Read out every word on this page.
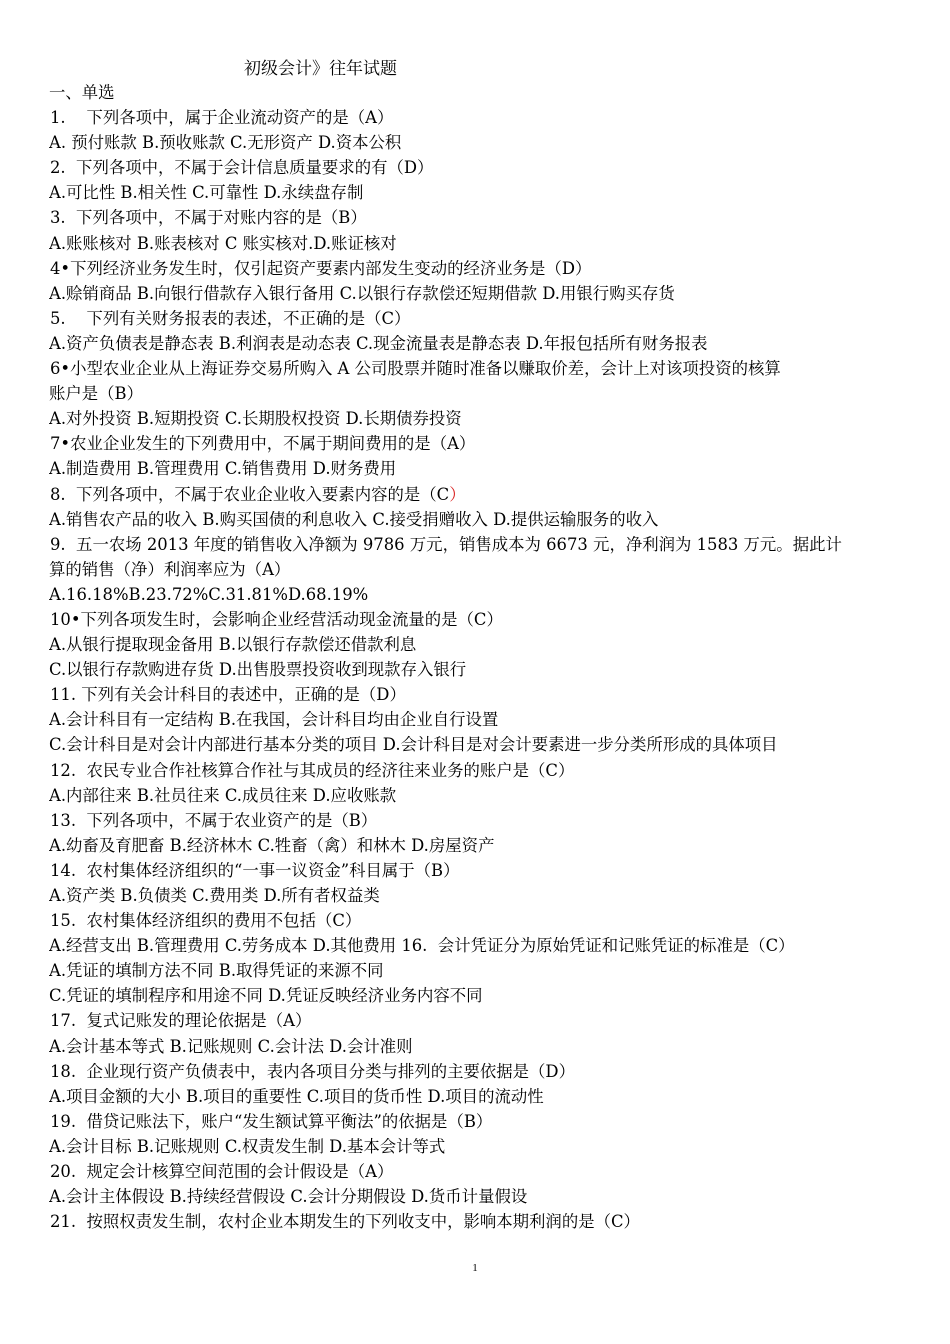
初级会计》往年试题
一、单选
1.    下列各项中，属于企业流动资产的是（A）
A. 预付账款 B.预收账款 C.无形资产 D.资本公积
2.  下列各项中，不属于会计信息质量要求的有（D）
A.可比性 B.相关性 C.可靠性 D.永续盘存制
3.  下列各项中，不属于对账内容的是（B）
A.账账核对 B.账表核对 C 账实核对.D.账证核对
4•下列经济业务发生时，仅引起资产要素内部发生变动的经济业务是（D）
A.赊销商品 B.向银行借款存入银行备用 C.以银行存款偿还短期借款 D.用银行购买存货
5.    下列有关财务报表的表述，不正确的是（C）
A.资产负债表是静态表 B.利润表是动态表 C.现金流量表是静态表 D.年报包括所有财务报表
6•小型农业企业从上海证券交易所购入 A 公司股票并随时准备以赚取价差，会计上对该项投资的核算
账户是（B）
A.对外投资 B.短期投资 C.长期股权投资 D.长期债券投资
7•农业企业发生的下列费用中，不属于期间费用的是（A）
A.制造费用 B.管理费用 C.销售费用 D.财务费用
8.  下列各项中，不属于农业企业收入要素内容的是（C）
A.销售农产品的收入 B.购买国债的利息收入 C.接受捐赠收入 D.提供运输服务的收入
9.  五一农场 2013 年度的销售收入净额为 9786 万元，销售成本为 6673 元，净利润为 1583 万元。据此计
算的销售（净）利润率应为（A）
A.16.18%B.23.72%C.31.81%D.68.19%
10•下列各项发生时，会影响企业经营活动现金流量的是（C）
A.从银行提取现金备用 B.以银行存款偿还借款利息
C.以银行存款购进存货 D.出售股票投资收到现款存入银行
11. 下列有关会计科目的表述中，正确的是（D）
A.会计科目有一定结构 B.在我国，会计科目均由企业自行设置
C.会计科目是对会计内部进行基本分类的项目 D.会计科目是对会计要素进一步分类所形成的具体项目
12.  农民专业合作社核算合作社与其成员的经济往来业务的账户是（C）
A.内部往来 B.社员往来 C.成员往来 D.应收账款
13.  下列各项中，不属于农业资产的是（B）
A.幼畜及育肥畜 B.经济林木 C.牲畜（禽）和林木 D.房屋资产
14.  农村集体经济组织的“一事一议资金”科目属于（B）
A.资产类 B.负债类 C.费用类 D.所有者权益类
15.  农村集体经济组织的费用不包括（C）
A.经营支出 B.管理费用 C.劳务成本 D.其他费用 16.  会计凭证分为原始凭证和记账凭证的标准是（C）
A.凭证的填制方法不同 B.取得凭证的来源不同
C.凭证的填制程序和用途不同 D.凭证反映经济业务内容不同
17.  复式记账发的理论依据是（A）
A.会计基本等式 B.记账规则 C.会计法 D.会计准则
18.  企业现行资产负债表中，表内各项目分类与排列的主要依据是（D）
A.项目金额的大小 B.项目的重要性 C.项目的货币性 D.项目的流动性
19.  借贷记账法下，账户“发生额试算平衡法”的依据是（B）
A.会计目标 B.记账规则 C.权责发生制 D.基本会计等式
20.  规定会计核算空间范围的会计假设是（A）
A.会计主体假设 B.持续经营假设 C.会计分期假设 D.货币计量假设
21.  按照权责发生制，农村企业本期发生的下列收支中，影响本期利润的是（C）
1
